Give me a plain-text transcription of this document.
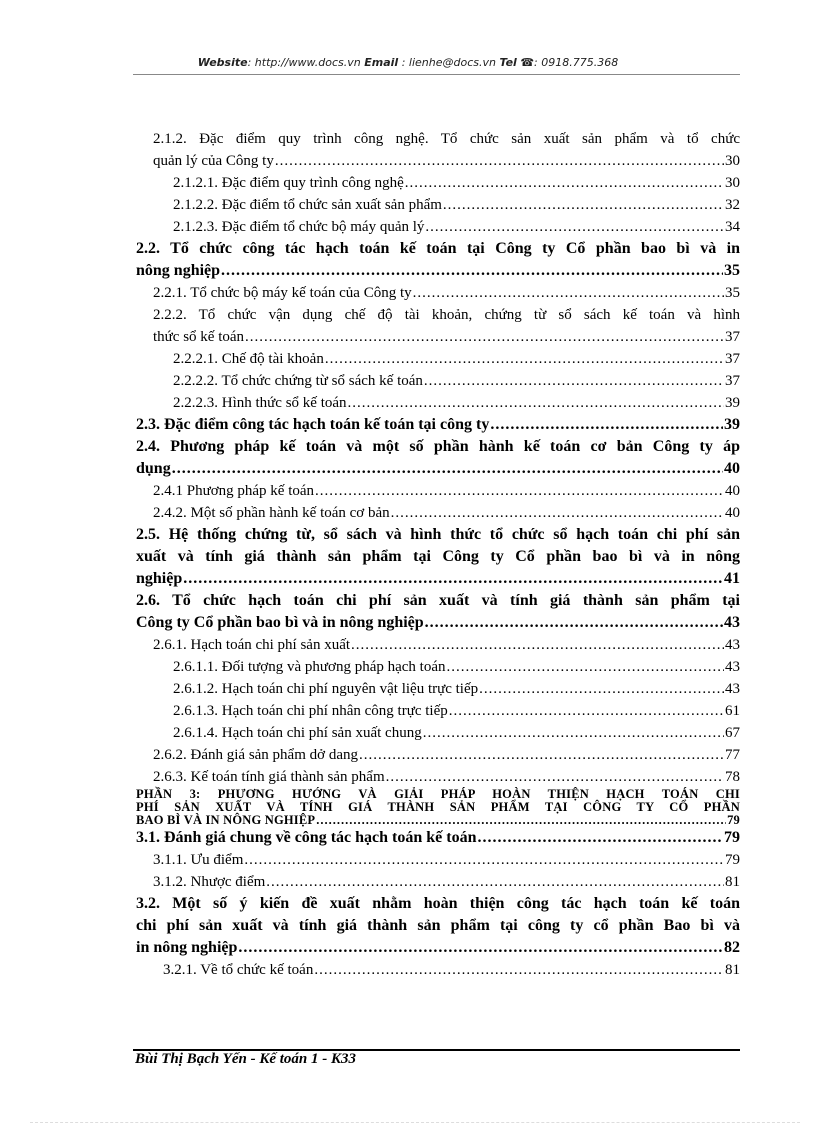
Website: http://www.docs.vn Email : lienhe@docs.vn Tel ☎: 0918.775.368
2.1.2. Đặc điểm quy trình công nghệ. Tổ chức sản xuất sản phẩm và tổ chức
quản lý của Công ty .....	30
2.1.2.1. Đặc điểm quy trình công nghệ .....	30
2.1.2.2. Đặc điểm tổ chức sản xuất sản phẩm .....	32
2.1.2.3. Đặc điểm tổ chức bộ máy quản lý .....	34
2.2. Tổ chức công tác hạch toán kế toán tại Công ty Cổ phần bao bì và in
nông nghiệp .....	35
2.2.1. Tổ chức bộ máy kế toán của Công ty .....	35
2.2.2. Tổ chức vận dụng chế độ tài khoản, chứng từ sổ sách kế toán và hình
thức sổ kế toán .....	37
2.2.2.1. Chế độ tài khoản .....	37
2.2.2.2. Tổ chức chứng từ sổ sách kế toán .....	37
2.2.2.3. Hình thức sổ kế toán .....	39
2.3. Đặc điểm công tác hạch toán kế toán tại công ty .....	39
2.4. Phương pháp kế toán và một số phần hành kế toán cơ bản Công ty áp
dụng .....	40
2.4.1 Phương pháp kế toán .....	40
2.4.2. Một số phần hành kế toán cơ bản .....	40
2.5. Hệ thống chứng từ, sổ sách và hình thức tổ chức sổ hạch toán chi phí sản
xuất và tính giá thành sản phẩm tại Công ty Cổ phần bao bì và in nông
nghiệp .....	41
2.6. Tổ chức hạch toán chi phí sản xuất và tính giá thành sản phẩm tại
Công ty Cổ phần bao bì và in nông nghiệp .....	43
2.6.1. Hạch toán chi phí sản xuất .....	43
2.6.1.1. Đối tượng và phương pháp hạch toán .....	43
2.6.1.2. Hạch toán chi phí nguyên vật liệu trực tiếp .....	43
2.6.1.3. Hạch toán chi phí nhân công trực tiếp .....	61
2.6.1.4. Hạch toán chi phí sản xuất chung .....	67
2.6.2. Đánh giá sản phẩm dở dang .....	77
2.6.3. Kế toán tính giá thành sản phẩm .....	78
PHẦN 3: PHƯƠNG HƯỚNG VÀ GIẢI PHÁP HOÀN THIỆN HẠCH TOÁN CHI
PHÍ SẢN XUẤT VÀ TÍNH GIÁ THÀNH SẢN PHẨM TẠI CÔNG TY CỔ PHẦN
BAO BÌ VÀ IN NÔNG NGHIỆP .....	79
3.1. Đánh giá chung về công tác hạch toán kế toán .....	79
3.1.1. Ưu điểm .....	79
3.1.2. Nhược điểm .....	81
3.2. Một số ý kiến đề xuất nhằm hoàn thiện công tác hạch toán kế toán
chi phí sản xuất và tính giá thành sản phẩm tại công ty cổ phần Bao bì và
in nông nghiệp .....	82
3.2.1. Về tổ chức kế toán .....	81
Bùi Thị Bạch Yến - Kế toán 1 - K33
